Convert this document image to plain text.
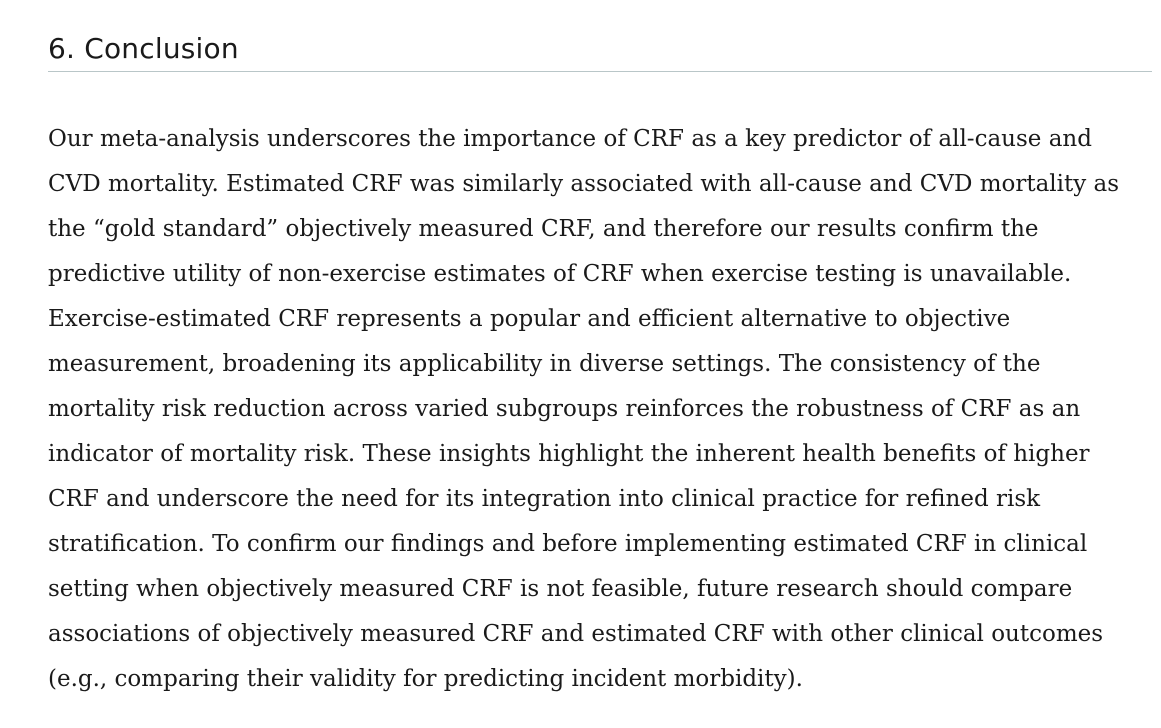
6. Conclusion

Our meta-analysis underscores the importance of CRF as a key predictor of all-cause and
CVD mortality. Estimated CRF was similarly associated with all-cause and CVD mortality as
the “gold standard” objectively measured CRF, and therefore our results confirm the
predictive utility of non-exercise estimates of CRF when exercise testing is unavailable.
Exercise-estimated CRF represents a popular and efficient alternative to objective
measurement, broadening its applicability in diverse settings. The consistency of the
mortality risk reduction across varied subgroups reinforces the robustness of CRF as an
indicator of mortality risk. These insights highlight the inherent health benefits of higher
CRF and underscore the need for its integration into clinical practice for refined risk
stratification. To confirm our findings and before implementing estimated CRF in clinical
setting when objectively measured CRF is not feasible, future research should compare
associations of objectively measured CRF and estimated CRF with other clinical outcomes
(e.g., comparing their validity for predicting incident morbidity).
